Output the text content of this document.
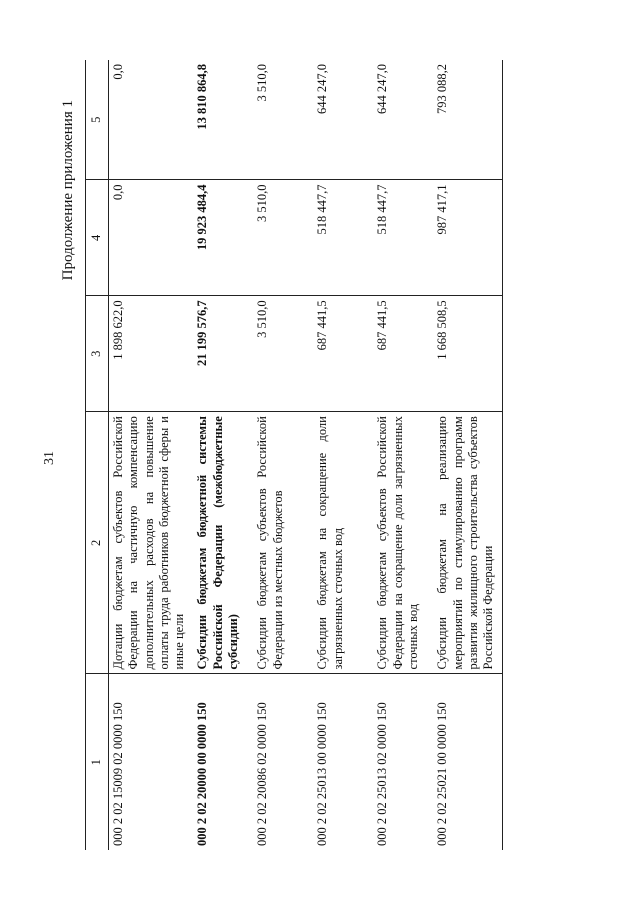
31
Продолжение приложения 1
1	2	3	4	5
000 2 02 15009 02 0000 150	Дотации бюджетам субъектов Российской Федерации на частичную компенсацию дополнительных расходов на повышение оплаты труда работников бюджетной сферы и иные цели	1 898 622,0	0,0	0,0
000 2 02 20000 00 0000 150	Субсидии бюджетам бюджетной системы Российской Федерации (межбюджетные субсидии)	21 199 576,7	19 923 484,4	13 810 864,8
000 2 02 20086 02 0000 150	Субсидии бюджетам субъектов Российской Федерации из местных бюджетов	3 510,0	3 510,0	3 510,0
000 2 02 25013 00 0000 150	Субсидии бюджетам на сокращение доли загрязненных сточных вод	687 441,5	518 447,7	644 247,0
000 2 02 25013 02 0000 150	Субсидии бюджетам субъектов Российской Федерации на сокращение доли загрязненных сточных вод	687 441,5	518 447,7	644 247,0
000 2 02 25021 00 0000 150	Субсидии бюджетам на реализацию мероприятий по стимулированию программ развития жилищного строительства субъектов Российской Федерации	1 668 508,5	987 417,1	793 088,2
